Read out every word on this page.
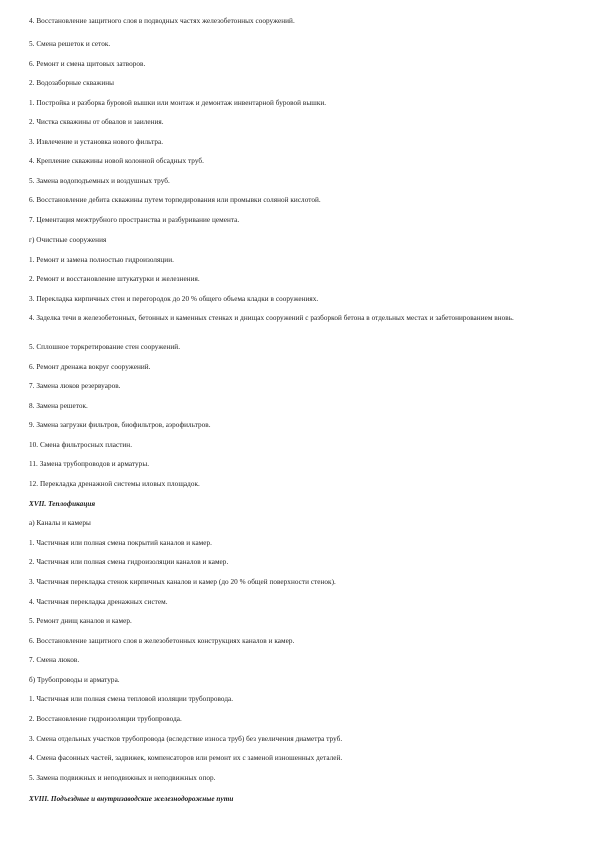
4. Восстановление защитного слоя в подводных частях железобетонных сооружений.
5. Смена решеток и сеток.
6. Ремонт и смена щитовых затворов.
2. Водозаборные скважины
1. Постройка и разборка буровой вышки или монтаж и демонтаж инвентарной буровой вышки.
2. Чистка скважины от обвалов и заиления.
3. Извлечение и установка нового фильтра.
4. Крепление скважины новой колонной обсадных труб.
5. Замена водоподъемных и воздушных труб.
6. Восстановление дебита скважины путем торпедирования или промывки соляной кислотой.
7. Цементация межтрубного пространства и разбуривание цемента.
г) Очистные сооружения
1. Ремонт и замена полностью гидроизоляции.
2. Ремонт и восстановление штукатурки и железнения.
3. Перекладка кирпичных стен и перегородок до 20 % общего объема кладки в сооружениях.
4. Заделка течи в железобетонных, бетонных и каменных стенках и днищах сооружений с разборкой бетона в отдельных местах и забетонированием вновь.
5. Сплошное торкретирование стен сооружений.
6. Ремонт дренажа вокруг сооружений.
7. Замена люков резервуаров.
8. Замена решеток.
9. Замена загрузки фильтров, биофильтров, аэрофильтров.
10. Смена фильтросных пластин.
11. Замена трубопроводов и арматуры.
12. Перекладка дренажной системы иловых площадок.
XVII. Теплофикация
а) Каналы и камеры
1. Частичная или полная смена покрытий каналов и камер.
2. Частичная или полная смена гидроизоляции каналов и камер.
3. Частичная перекладка стенок кирпичных каналов и камер (до 20 % общей поверхности стенок).
4. Частичная перекладка дренажных систем.
5. Ремонт днищ каналов и камер.
6. Восстановление защитного слоя в железобетонных конструкциях каналов и камер.
7. Смена люков.
б) Трубопроводы и арматура.
1. Частичная или полная смена тепловой изоляции трубопровода.
2. Восстановление гидроизоляции трубопровода.
3. Смена отдельных участков трубопровода (вследствие износа труб) без увеличения диаметра труб.
4. Смена фасонных частей, задвижек, компенсаторов или ремонт их с заменой изношенных деталей.
5. Замена подвижных и неподвижных и неподвижных опор.
XVIII. Подъездные и внутризаводские железнодорожные пути
